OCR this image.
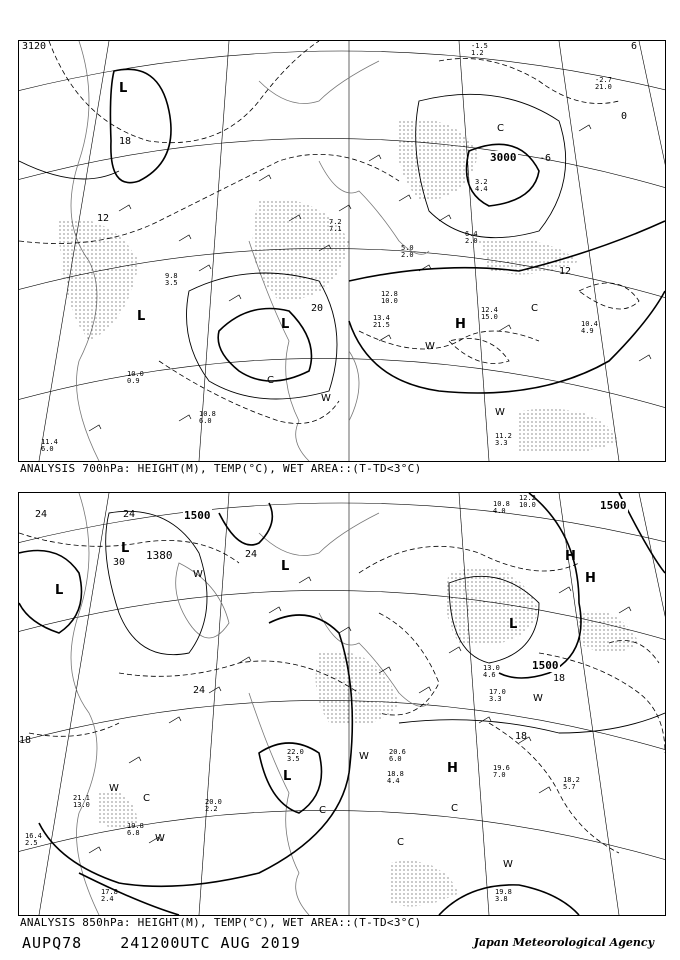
3120
3000
18
12
20
12
6
0
-6
L
L
L	H
C
C
W
W
W
C
11.2
3.3
10.4
4.9
12.4
15.0
13.4
21.5
12.8
10.0
10.8
6.0
11.4
6.0
10.0
0.9
9.8
3.5
7.2
7.1
3.2
4.4
-1.5
1.2
-2.7
21.0
6.4
2.0
5.0
2.0
ANALYSIS 700hPa: HEIGHT(M), TEMP(°C), WET AREA::(T-TD<3°C)
1500
1500
1380
1500
24	24
30
24
18
18
24
18
L
L
L
L
L
H
H
H
W
W
C
C
W
W
C
W
W
C
19.6
7.0
18.2
5.7
19.8
3.8
20.6
6.0
18.8
4.4
17.0
3.3
13.0
4.6
21.1
13.0
17.8
2.4
19.8
6.8
20.0
2.2
22.0
3.5
16.4
2.5
10.8
4.0
12.2
10.0
ANALYSIS 850hPa: HEIGHT(M), TEMP(°C), WET AREA::(T-TD<3°C)
AUPQ78	241200UTC AUG 2019	Japan Meteorological Agency
